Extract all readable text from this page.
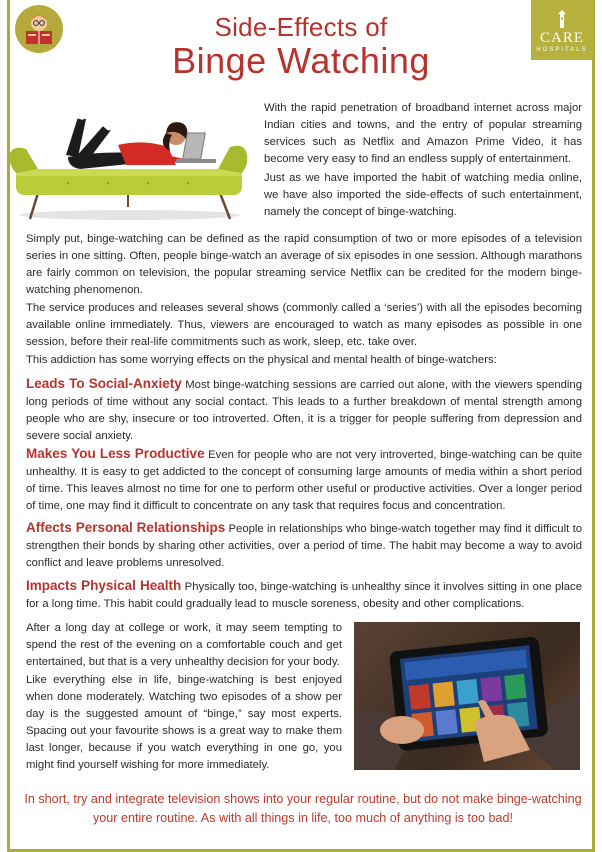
CARE
HOSPITALS
Side-Effects of
Binge Watching

With the rapid penetration of broadband internet across major Indian cities and towns, and the entry of popular streaming services such as Netflix and Amazon Prime Video, it has become very easy to find an endless supply of entertainment.

Just as we have imported the habit of watching media online, we have also imported the side-effects of such entertainment, namely the concept of binge-watching.

Simply put, binge-watching can be defined as the rapid consumption of two or more episodes of a television series in one sitting. Often, people binge-watch an average of six episodes in one session. Although marathons are fairly common on television, the popular streaming service Netflix can be credited for the modern binge-watching phenomenon.

The service produces and releases several shows (commonly called a ‘series’) with all the episodes becoming available online immediately. Thus, viewers are encouraged to watch as many episodes as possible in one session, before their real-life commitments such as work, sleep, etc. take over.

This addiction has some worrying effects on the physical and mental health of binge-watchers:

Leads To Social-Anxiety Most binge-watching sessions are carried out alone, with the viewers spending long periods of time without any social contact. This leads to a further breakdown of mental strength among people who are shy, insecure or too introverted. Often, it is a trigger for people suffering from depression and severe social anxiety.

Makes You Less Productive Even for people who are not very introverted, binge-watching can be quite unhealthy. It is easy to get addicted to the concept of consuming large amounts of media within a short period of time. This leaves almost no time for one to perform other useful or productive activities. Over a longer period of time, one may find it difficult to concentrate on any task that requires focus and concentration.

Affects Personal Relationships People in relationships who binge-watch together may find it difficult to strengthen their bonds by sharing other activities, over a period of time. The habit may become a way to avoid conflict and leave problems unresolved.

Impacts Physical Health Physically too, binge-watching is unhealthy since it involves sitting in one place for a long time. This habit could gradually lead to muscle soreness, obesity and other complications.

After a long day at college or work, it may seem tempting to spend the rest of the evening on a comfortable couch and get entertained, but that is a very unhealthy decision for your body.

Like everything else in life, binge-watching is best enjoyed when done moderately. Watching two episodes of a show per day is the suggested amount of “binge,” say most experts. Spacing out your favourite shows is a great way to make them last longer, because if you watch everything in one go, you might find yourself wishing for more immediately.

In short, try and integrate television shows into your regular routine, but do not make binge-watching your entire routine. As with all things in life, too much of anything is too bad!
